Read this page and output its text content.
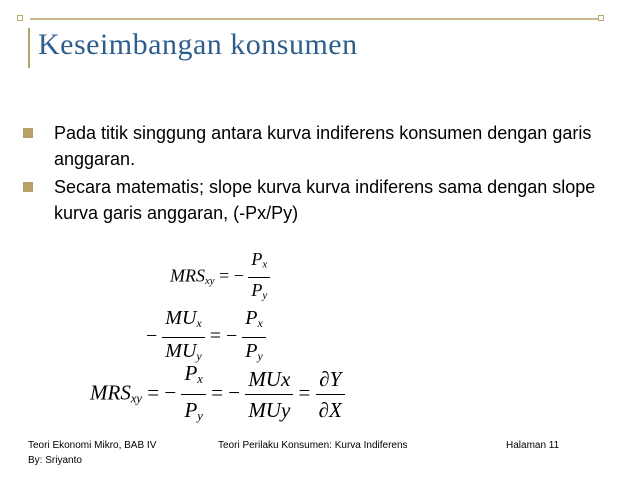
Keseimbangan konsumen
Pada titik singgung antara kurva indiferens konsumen dengan garis anggaran.
Secara matematis; slope kurva kurva indiferens sama dengan slope kurva garis anggaran, (-Px/Py)
$MRS_{xy}$ = − $\frac{P_x}{P_y}$
− $\frac{MU_x}{MU_y}$ = − $\frac{P_x}{P_y}$
$MRS_{xy}$ = − $\frac{P_x}{P_y}$ = − $\frac{\text{MUx}}{\text{MUy}} = \frac{\partial Y}{\partial X}$
Teori Ekonomi Mikro, BAB IV
By: Sriyanto
Teori Perilaku Konsumen: Kurva Indiferens	Halaman 11
